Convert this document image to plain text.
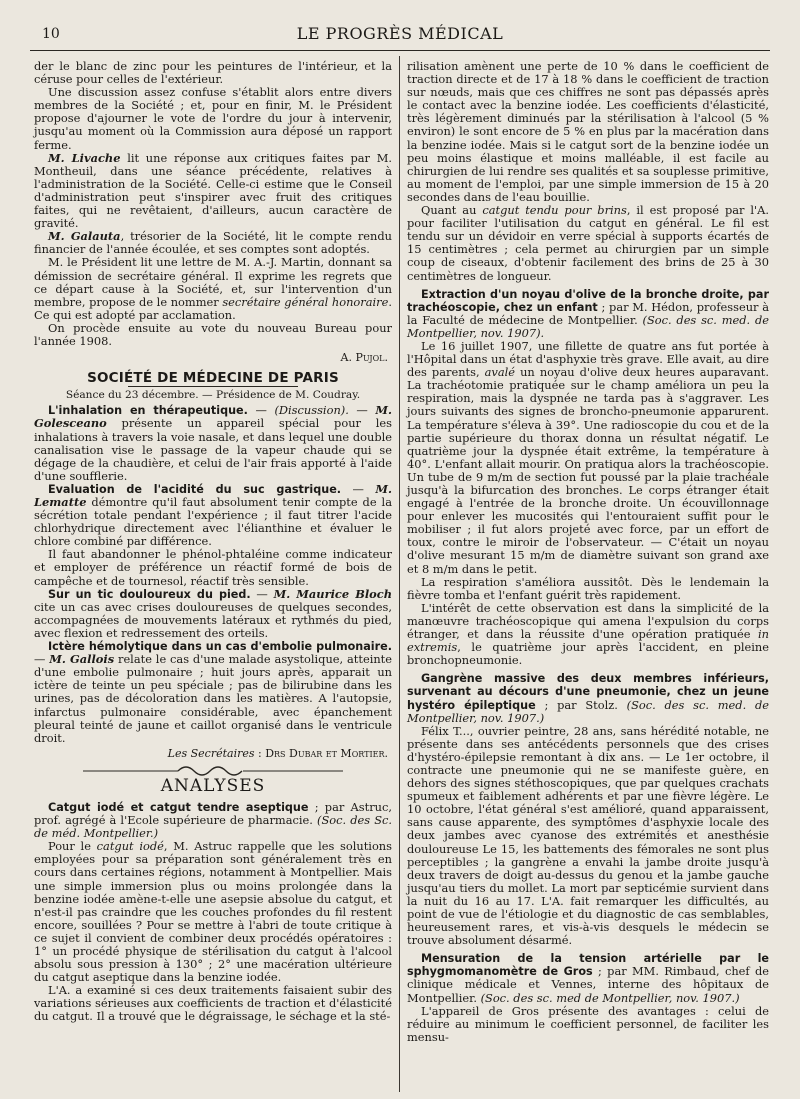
10	LE PROGRÈS MÉDICAL

der le blanc de zinc pour les peintures de l'intérieur, et la céruse pour celles de l'extérieur.

Une discussion assez confuse s'établit alors entre divers membres de la Société ; et, pour en finir, M. le Président propose d'ajourner le vote de l'ordre du jour à intervenir, jusqu'au moment où la Commission aura déposé un rapport ferme.

M. Livache lit une réponse aux critiques faites par M. Montheuil, dans une séance précédente, relatives à l'administration de la Société. Celle-ci estime que le Conseil d'administration peut s'inspirer avec fruit des critiques faites, qui ne revêtaient, d'ailleurs, aucun caractère de gravité.

M. Galauta, trésorier de la Société, lit le compte rendu financier de l'année écoulée, et ses comptes sont adoptés.

M. le Président lit une lettre de M. A.-J. Martin, donnant sa démission de secrétaire général. Il exprime les regrets que ce départ cause à la Société, et, sur l'intervention d'un membre, propose de le nommer secrétaire général honoraire. Ce qui est adopté par acclamation.

On procède ensuite au vote du nouveau Bureau pour l'année 1908.

A. Pujol.
SOCIÉTÉ DE MÉDECINE DE PARIS
Séance du 23 décembre. — Présidence de M. Coudray.

L'inhalation en thérapeutique. — (Discussion). — M. Golesceano présente un appareil spécial pour les inhalations à travers la voie nasale, et dans lequel une double canalisation vise le passage de la vapeur chaude qui se dégage de la chaudière, et celui de l'air frais apporté à l'aide d'une soufflerie.

Evaluation de l'acidité du suc gastrique. — M. Lematte démontre qu'il faut absolument tenir compte de la sécrétion totale pendant l'expérience ; il faut titrer l'acide chlorhydrique directement avec l'élianthine et évaluer le chlore combiné par différence.

Il faut abandonner le phénol-phtaléine comme indicateur et employer de préférence un réactif formé de bois de campêche et de tournesol, réactif très sensible.

Sur un tic douloureux du pied. — M. Maurice Bloch cite un cas avec crises douloureuses de quelques secondes, accompagnées de mouvements latéraux et rythmés du pied, avec flexion et redressement des orteils.

Ictère hémolytique dans un cas d'embolie pulmonaire. — M. Gallois relate le cas d'une malade asystolique, atteinte d'une embolie pulmonaire ; huit jours après, apparait un ictère de teinte un peu spéciale ; pas de bilirubine dans les urines, pas de décoloration dans les matières. A l'autopsie, infarctus pulmonaire considérable, avec épanchement pleural teinté de jaune et caillot organisé dans le ventricule droit.

Les Secrétaires : Drs Dubar et Mortier.
ANALYSES

Catgut iodé et catgut tendre aseptique ; par Astruc, prof. agrégé à l'Ecole supérieure de pharmacie. (Soc. des Sc. de méd. Montpellier.)

Pour le catgut iodé, M. Astruc rappelle que les solutions employées pour sa préparation sont généralement très en cours dans certaines régions, notamment à Montpellier. Mais une simple immersion plus ou moins prolongée dans la benzine iodée amène-t-elle une asepsie absolue du catgut, et n'est-il pas craindre que les couches profondes du fil restent encore, souillées ? Pour se mettre à l'abri de toute critique à ce sujet il convient de combiner deux procédés opératoires : 1° un procédé physique de stérilisation du catgut à l'alcool absolu sous pression à 130° ; 2° une macération ultérieure du catgut aseptique dans la benzine iodée.

L'A. a examiné si ces deux traitements faisaient subir des variations sérieuses aux coefficients de traction et d'élasticité du catgut. Il a trouvé que le dégraissage, le séchage et la sté-

rilisation amènent une perte de 10 % dans le coefficient de traction directe et de 17 à 18 % dans le coefficient de traction sur nœuds, mais que ces chiffres ne sont pas dépassés après le contact avec la benzine iodée. Les coefficients d'élasticité, très légèrement diminués par la stérilisation à l'alcool (5 % environ) le sont encore de 5 % en plus par la macération dans la benzine iodée. Mais si le catgut sort de la benzine iodée un peu moins élastique et moins malléable, il est facile au chirurgien de lui rendre ses qualités et sa souplesse primitive, au moment de l'emploi, par une simple immersion de 15 à 20 secondes dans de l'eau bouillie.

Quant au catgut tendu pour brins, il est proposé par l'A. pour faciliter l'utilisation du catgut en général. Le fil est tendu sur un dévidoir en verre spécial à supports écartés de 15 centimètres ; cela permet au chirurgien par un simple coup de ciseaux, d'obtenir facilement des brins de 25 à 30 centimètres de longueur.

Extraction d'un noyau d'olive de la bronche droite, par trachéoscopie, chez un enfant ; par M. Hédon, professeur à la Faculté de médecine de Montpellier. (Soc. des sc. med. de Montpellier, nov. 1907).

Le 16 juillet 1907, une fillette de quatre ans fut portée à l'Hôpital dans un état d'asphyxie très grave. Elle avait, au dire des parents, avalé un noyau d'olive deux heures auparavant. La trachéotomie pratiquée sur le champ améliora un peu la respiration, mais la dyspnée ne tarda pas à s'aggraver. Les jours suivants des signes de broncho-pneumonie apparurent. La température s'éleva à 39°. Une radioscopie du cou et de la partie supérieure du thorax donna un résultat négatif. Le quatrième jour la dyspnée était extrême, la température à 40°. L'enfant allait mourir. On pratiqua alors la trachéoscopie. Un tube de 9 m/m de section fut poussé par la plaie trachéale jusqu'à la bifurcation des bronches. Le corps étranger était engagé à l'entrée de la bronche droite. Un écouvillonnage pour enlever les mucosités qui l'entouraient suffit pour le mobiliser ; il fut alors projeté avec force, par un effort de toux, contre le miroir de l'observateur. — C'était un noyau d'olive mesurant 15 m/m de diamètre suivant son grand axe et 8 m/m dans le petit.

La respiration s'améliora aussitôt. Dès le lendemain la fièvre tomba et l'enfant guérit très rapidement.

L'intérêt de cette observation est dans la simplicité de la manœuvre trachéoscopique qui amena l'expulsion du corps étranger, et dans la réussite d'une opération pratiquée in extremis, le quatrième jour après l'accident, en pleine bronchopneumonie.

Gangrène massive des deux membres inférieurs, survenant au décours d'une pneumonie, chez un jeune hystéro épileptique ; par Stolz. (Soc. des sc. med. de Montpellier, nov. 1907.)

Félix T..., ouvrier peintre, 28 ans, sans hérédité notable, ne présente dans ses antécédents personnels que des crises d'hystéro-épilepsie remontant à dix ans. — Le 1er octobre, il contracte une pneumonie qui ne se manifeste guère, en dehors des signes stéthoscopiques, que par quelques crachats spumeux et faiblement adhérents et par une fièvre légère. Le 10 octobre, l'état général s'est amélioré, quand apparaissent, sans cause apparente, des symptômes d'asphyxie locale des deux jambes avec cyanose des extrémités et anesthésie douloureuse Le 15, les battements des fémorales ne sont plus perceptibles ; la gangrène a envahi la jambe droite jusqu'à deux travers de doigt au-dessus du genou et la jambe gauche jusqu'au tiers du mollet. La mort par septicémie survient dans la nuit du 16 au 17. L'A. fait remarquer les difficultés, au point de vue de l'étiologie et du diagnostic de cas semblables, heureusement rares, et vis-à-vis desquels le médecin se trouve absolument désarmé.

Mensuration de la tension artérielle par le sphygmomanomètre de Gros ; par MM. Rimbaud, chef de clinique médicale et Vennes, interne des hôpitaux de Montpellier. (Soc. des sc. med de Montpellier, nov. 1907.)

L'appareil de Gros présente des avantages : celui de réduire au minimum le coefficient personnel, de faciliter les mensu-
